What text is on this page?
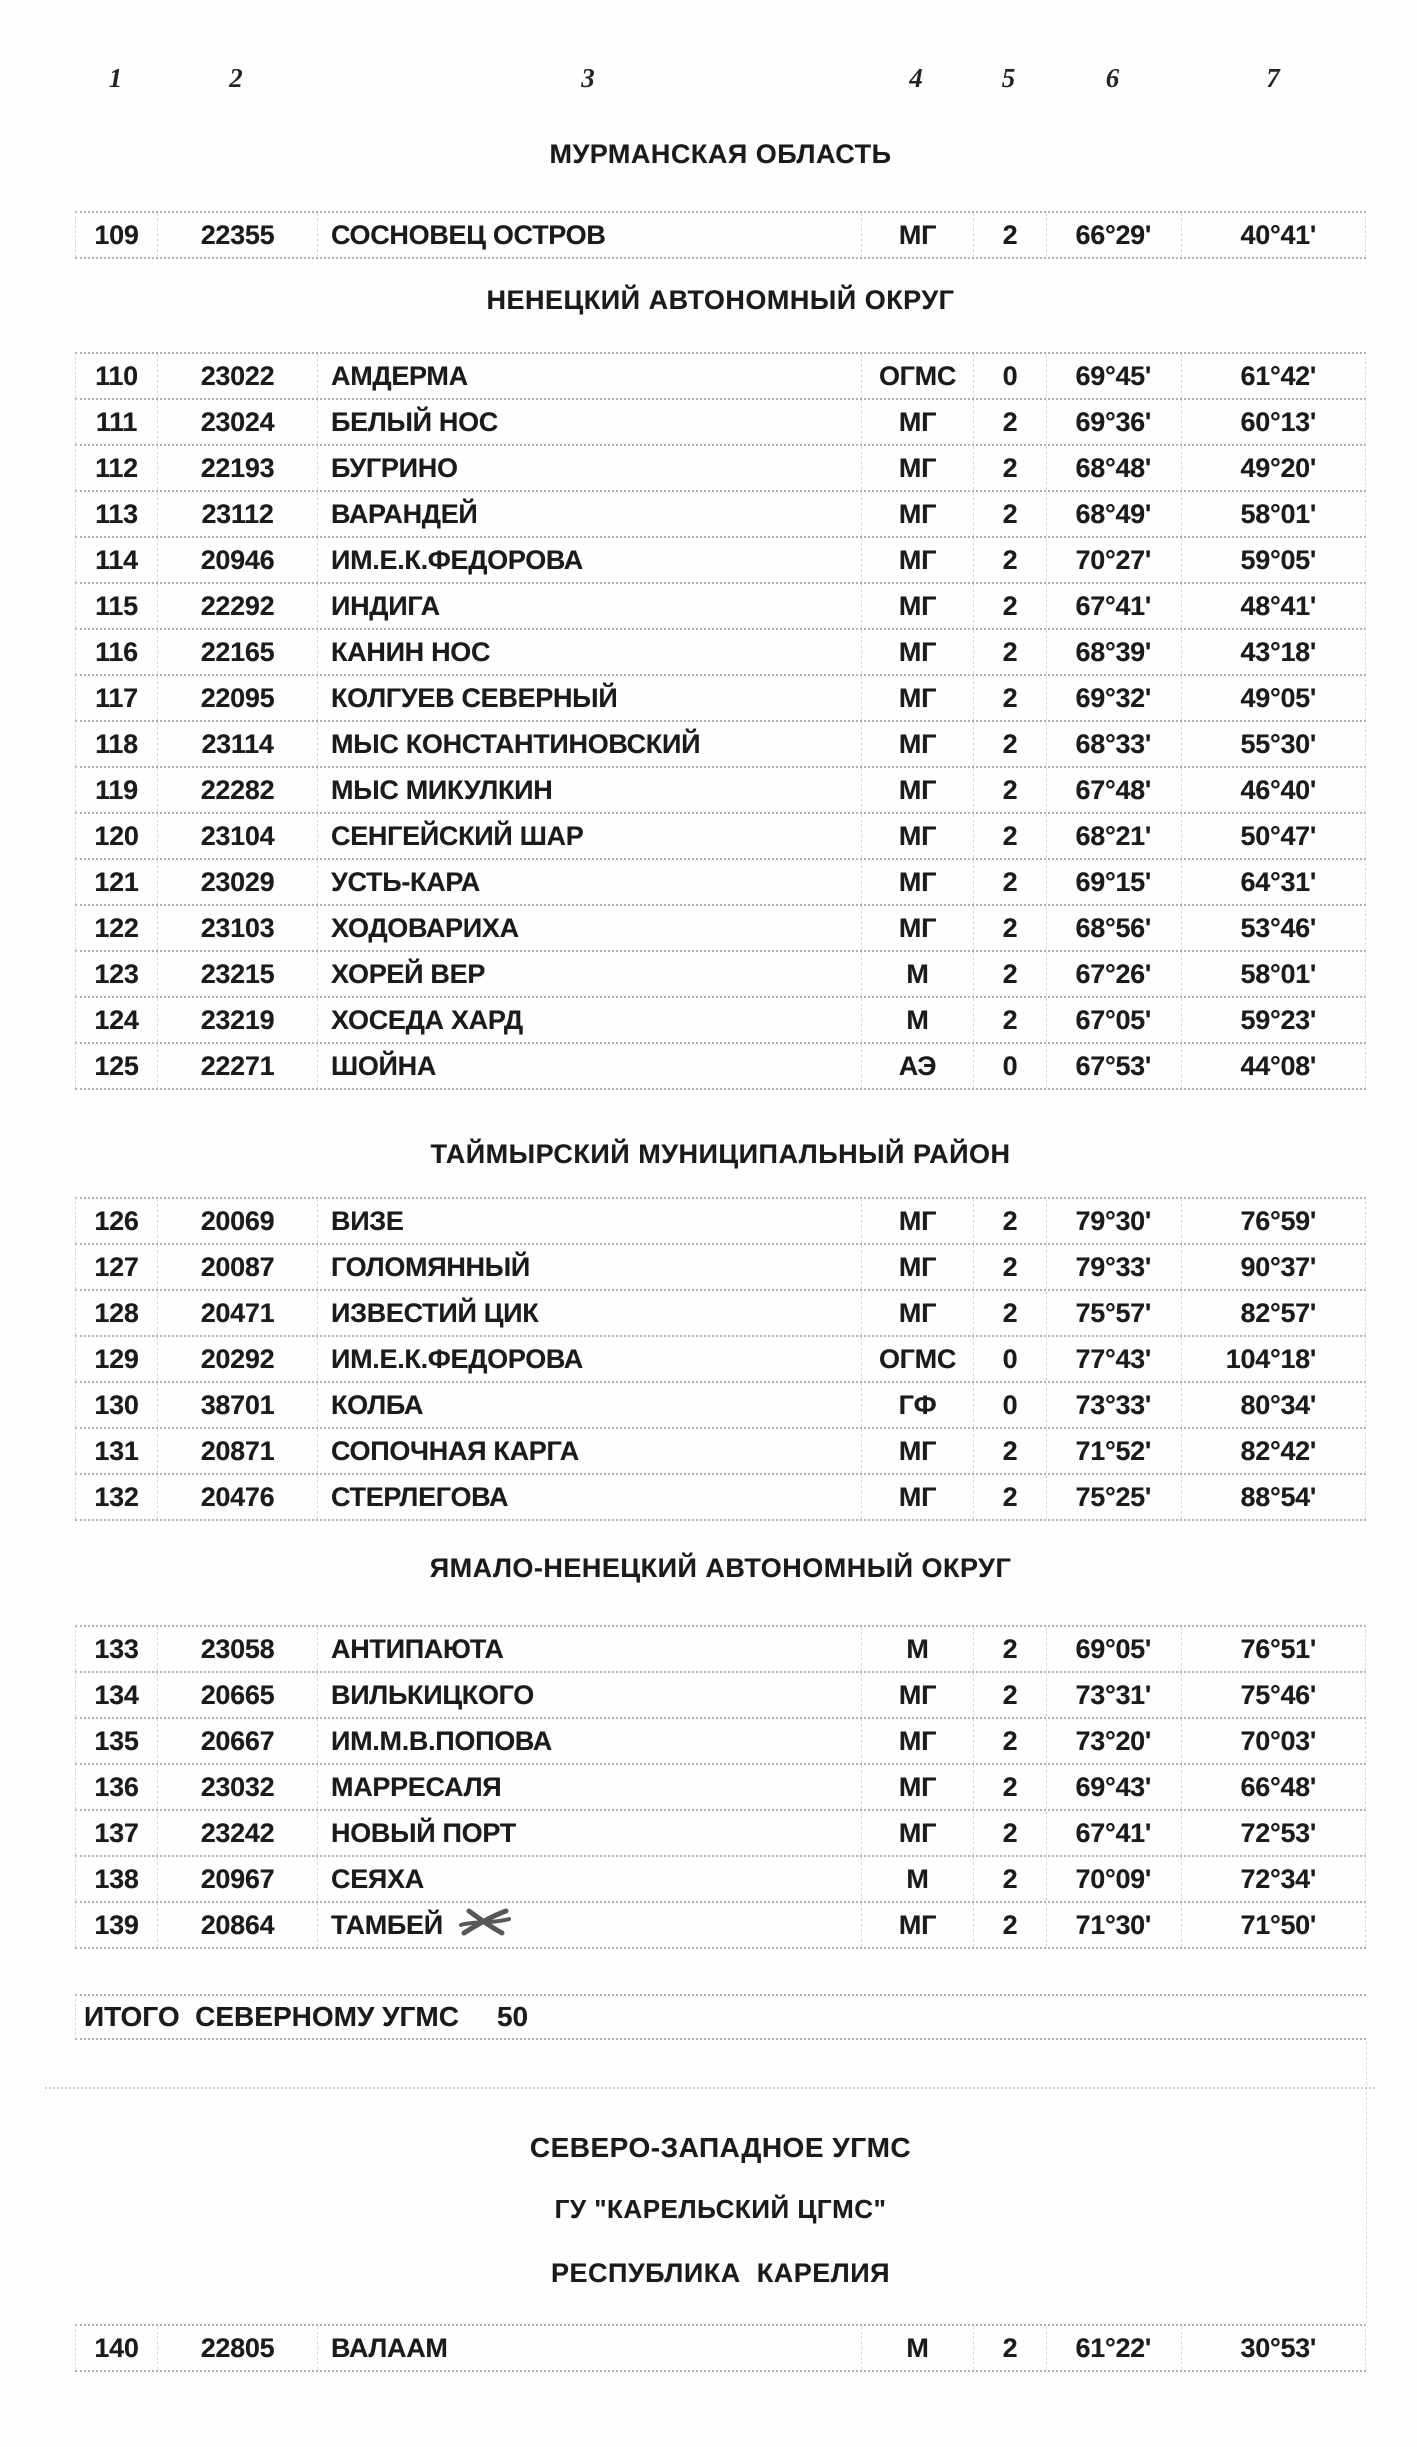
1	2	3	4	5	6	7
МУРМАНСКАЯ ОБЛАСТЬ
109	22355	СОСНОВЕЦ ОСТРОВ	МГ	2	66°29'	40°41'
НЕНЕЦКИЙ АВТОНОМНЫЙ ОКРУГ
110	23022	АМДЕРМА	ОГМС	0	69°45'	61°42'
111	23024	БЕЛЫЙ НОС	МГ	2	69°36'	60°13'
112	22193	БУГРИНО	МГ	2	68°48'	49°20'
113	23112	ВАРАНДЕЙ	МГ	2	68°49'	58°01'
114	20946	ИМ.Е.К.ФЕДОРОВА	МГ	2	70°27'	59°05'
115	22292	ИНДИГА	МГ	2	67°41'	48°41'
116	22165	КАНИН НОС	МГ	2	68°39'	43°18'
117	22095	КОЛГУЕВ СЕВЕРНЫЙ	МГ	2	69°32'	49°05'
118	23114	МЫС КОНСТАНТИНОВСКИЙ	МГ	2	68°33'	55°30'
119	22282	МЫС МИКУЛКИН	МГ	2	67°48'	46°40'
120	23104	СЕНГЕЙСКИЙ ШАР	МГ	2	68°21'	50°47'
121	23029	УСТЬ-КАРА	МГ	2	69°15'	64°31'
122	23103	ХОДОВАРИХА	МГ	2	68°56'	53°46'
123	23215	ХОРЕЙ ВЕР	М	2	67°26'	58°01'
124	23219	ХОСЕДА ХАРД	М	2	67°05'	59°23'
125	22271	ШОЙНА	АЭ	0	67°53'	44°08'
ТАЙМЫРСКИЙ МУНИЦИПАЛЬНЫЙ РАЙОН
126	20069	ВИЗЕ	МГ	2	79°30'	76°59'
127	20087	ГОЛОМЯННЫЙ	МГ	2	79°33'	90°37'
128	20471	ИЗВЕСТИЙ ЦИК	МГ	2	75°57'	82°57'
129	20292	ИМ.Е.К.ФЕДОРОВА	ОГМС	0	77°43'	104°18'
130	38701	КОЛБА	ГФ	0	73°33'	80°34'
131	20871	СОПОЧНАЯ КАРГА	МГ	2	71°52'	82°42'
132	20476	СТЕРЛЕГОВА	МГ	2	75°25'	88°54'
ЯМАЛО-НЕНЕЦКИЙ АВТОНОМНЫЙ ОКРУГ
133	23058	АНТИПАЮТА	М	2	69°05'	76°51'
134	20665	ВИЛЬКИЦКОГО	МГ	2	73°31'	75°46'
135	20667	ИМ.М.В.ПОПОВА	МГ	2	73°20'	70°03'
136	23032	МАРРЕСАЛЯ	МГ	2	69°43'	66°48'
137	23242	НОВЫЙ ПОРТ	МГ	2	67°41'	72°53'
138	20967	СЕЯХА	М	2	70°09'	72°34'
139	20864	ТАМБЕЙ	МГ	2	71°30'	71°50'
ИТОГО  СЕВЕРНОМУ УГМС 50
СЕВЕРО-ЗАПАДНОЕ УГМС
ГУ "КАРЕЛЬСКИЙ ЦГМС"
РЕСПУБЛИКА  КАРЕЛИЯ
140	22805	ВАЛААМ	М	2	61°22'	30°53'
